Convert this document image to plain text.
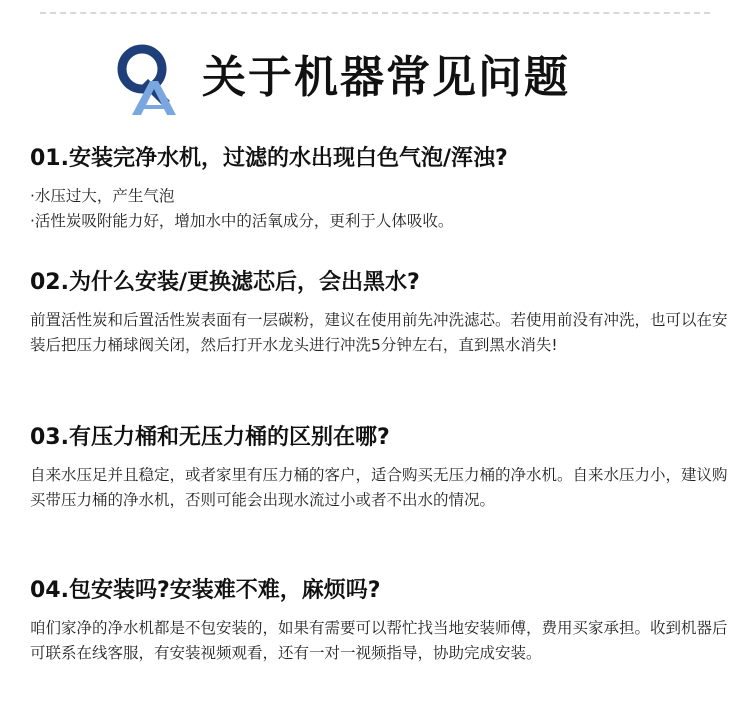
关于机器常见问题
01.安装完净水机，过滤的水出现白色气泡/浑浊?
·水压过大，产生气泡
·活性炭吸附能力好，增加水中的活氧成分，更利于人体吸收。
02.为什么安装/更换滤芯后，会出黑水?

前置活性炭和后置活性炭表面有一层碳粉，建议在使用前先冲洗滤芯。若使用前没有冲洗，也可以在安装后把压力桶球阀关闭，然后打开水龙头进行冲洗5分钟左右，直到黑水消失!

03.有压力桶和无压力桶的区别在哪?

自来水压足并且稳定，或者家里有压力桶的客户，适合购买无压力桶的净水机。自来水压力小，建议购买带压力桶的净水机，否则可能会出现水流过小或者不出水的情况。

04.包安装吗?安装难不难，麻烦吗?

咱们家净的净水机都是不包安装的，如果有需要可以帮忙找当地安装师傅，费用买家承担。收到机器后可联系在线客服，有安装视频观看，还有一对一视频指导，协助完成安装。
